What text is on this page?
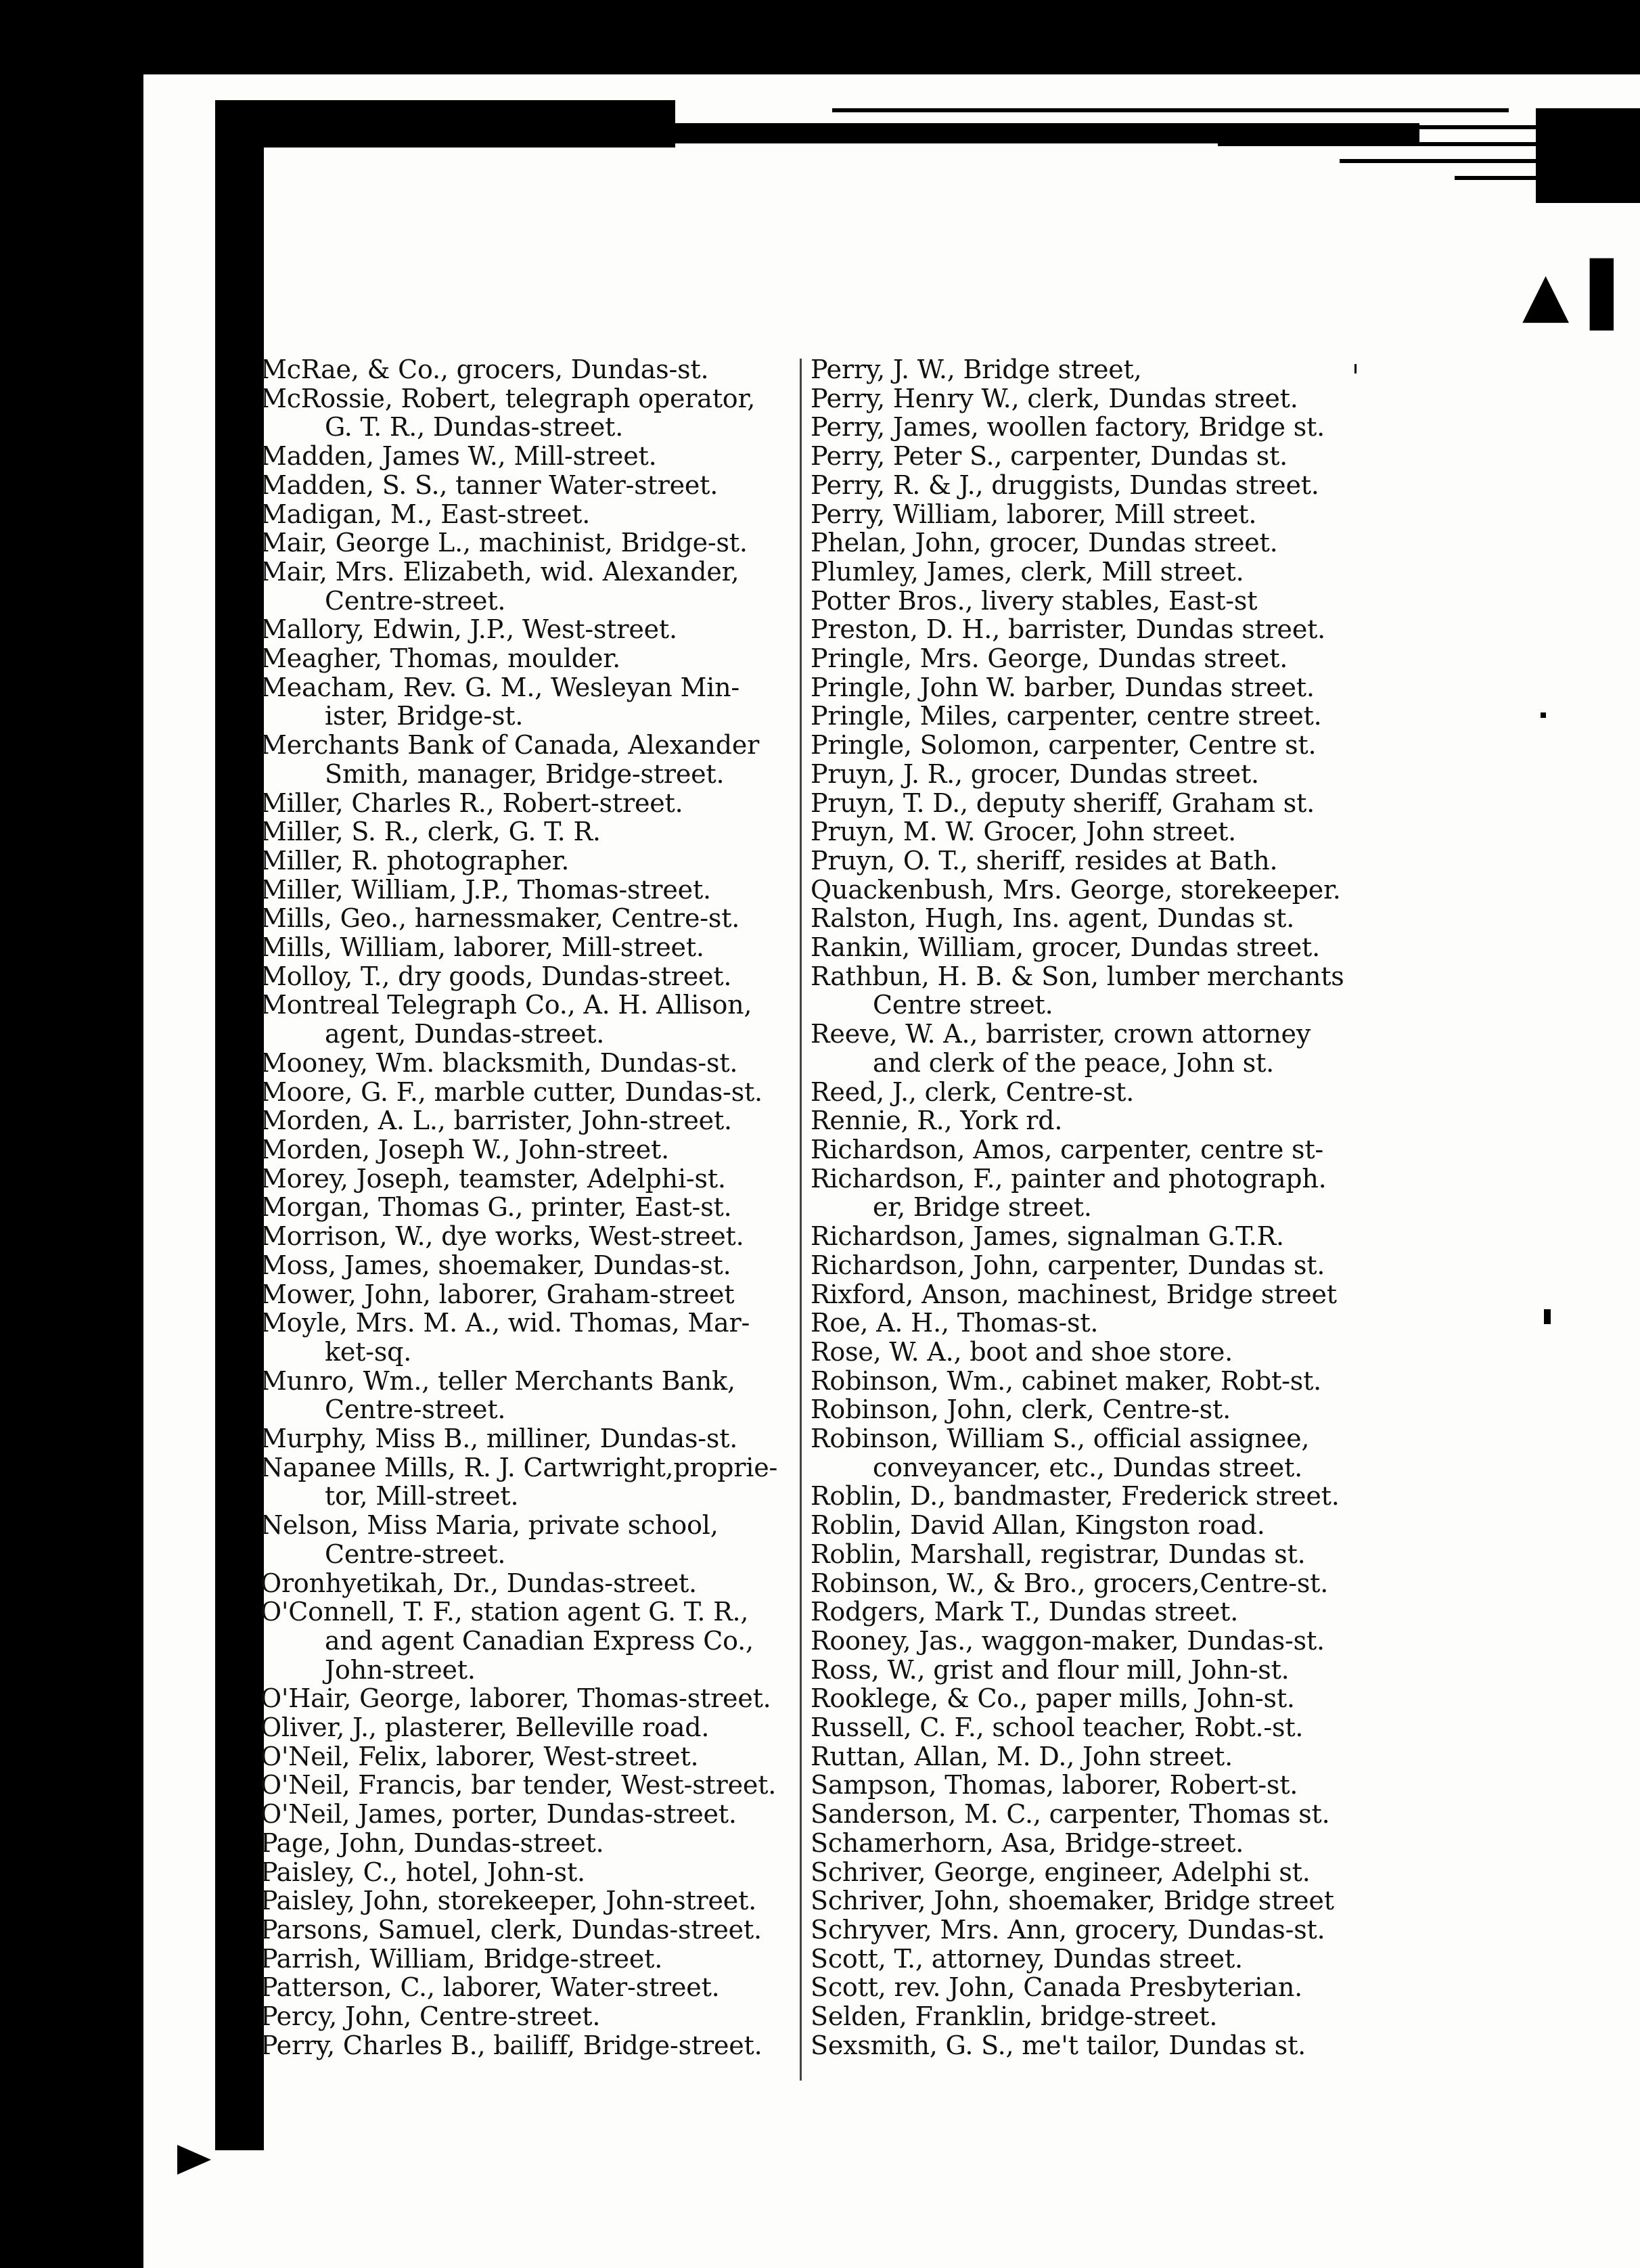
▲ ▌
McRae, & Co., grocers, Dundas-st.
McRossie, Robert, telegraph operator,
G. T. R., Dundas-street.
Madden, James W., Mill-street.
Madden, S. S., tanner Water-street.
Madigan, M., East-street.
Mair, George L., machinist, Bridge-st.
Mair, Mrs. Elizabeth, wid. Alexander,
Centre-street.
Mallory, Edwin, J.P., West-street.
Meagher, Thomas, moulder.
Meacham, Rev. G. M., Wesleyan Min-
ister, Bridge-st.
Merchants Bank of Canada, Alexander
Smith, manager, Bridge-street.
Miller, Charles R., Robert-street.
Miller, S. R., clerk, G. T. R.
Miller, R. photographer.
Miller, William, J.P., Thomas-street.
Mills, Geo., harnessmaker, Centre-st.
Mills, William, laborer, Mill-street.
Molloy, T., dry goods, Dundas-street.
Montreal Telegraph Co., A. H. Allison,
agent, Dundas-street.
Mooney, Wm. blacksmith, Dundas-st.
Moore, G. F., marble cutter, Dundas-st.
Morden, A. L., barrister, John-street.
Morden, Joseph W., John-street.
Morey, Joseph, teamster, Adelphi-st.
Morgan, Thomas G., printer, East-st.
Morrison, W., dye works, West-street.
Moss, James, shoemaker, Dundas-st.
Mower, John, laborer, Graham-street
Moyle, Mrs. M. A., wid. Thomas, Mar-
ket-sq.
Munro, Wm., teller Merchants Bank,
Centre-street.
Murphy, Miss B., milliner, Dundas-st.
Napanee Mills, R. J. Cartwright,proprie-
tor, Mill-street.
Nelson, Miss Maria, private school,
Centre-street.
Oronhyetikah, Dr., Dundas-street.
O'Connell, T. F., station agent G. T. R.,
and agent Canadian Express Co.,
John-street.
O'Hair, George, laborer, Thomas-street.
Oliver, J., plasterer, Belleville road.
O'Neil, Felix, laborer, West-street.
O'Neil, Francis, bar tender, West-street.
O'Neil, James, porter, Dundas-street.
Page, John, Dundas-street.
Paisley, C., hotel, John-st.
Paisley, John, storekeeper, John-street.
Parsons, Samuel, clerk, Dundas-street.
Parrish, William, Bridge-street.
Patterson, C., laborer, Water-street.
Percy, John, Centre-street.
Perry, Charles B., bailiff, Bridge-street.
Perry, J. W., Bridge street,
Perry, Henry W., clerk, Dundas street.
Perry, James, woollen factory, Bridge st.
Perry, Peter S., carpenter, Dundas st.
Perry, R. & J., druggists, Dundas street.
Perry, William, laborer, Mill street.
Phelan, John, grocer, Dundas street.
Plumley, James, clerk, Mill street.
Potter Bros., livery stables, East-st
Preston, D. H., barrister, Dundas street.
Pringle, Mrs. George, Dundas street.
Pringle, John W. barber, Dundas street.
Pringle, Miles, carpenter, centre street.
Pringle, Solomon, carpenter, Centre st.
Pruyn, J. R., grocer, Dundas street.
Pruyn, T. D., deputy sheriff, Graham st.
Pruyn, M. W. Grocer, John street.
Pruyn, O. T., sheriff, resides at Bath.
Quackenbush, Mrs. George, storekeeper.
Ralston, Hugh, Ins. agent, Dundas st.
Rankin, William, grocer, Dundas street.
Rathbun, H. B. & Son, lumber merchants
Centre street.
Reeve, W. A., barrister, crown attorney
and clerk of the peace, John st.
Reed, J., clerk, Centre-st.
Rennie, R., York rd.
Richardson, Amos, carpenter, centre st-
Richardson, F., painter and photograph.
er, Bridge street.
Richardson, James, signalman G.T.R.
Richardson, John, carpenter, Dundas st.
Rixford, Anson, machinest, Bridge street
Roe, A. H., Thomas-st.
Rose, W. A., boot and shoe store.
Robinson, Wm., cabinet maker, Robt-st.
Robinson, John, clerk, Centre-st.
Robinson, William S., official assignee,
conveyancer, etc., Dundas street.
Roblin, D., bandmaster, Frederick street.
Roblin, David Allan, Kingston road.
Roblin, Marshall, registrar, Dundas st.
Robinson, W., & Bro., grocers,Centre-st.
Rodgers, Mark T., Dundas street.
Rooney, Jas., waggon-maker, Dundas-st.
Ross, W., grist and flour mill, John-st.
Rooklege, & Co., paper mills, John-st.
Russell, C. F., school teacher, Robt.-st.
Ruttan, Allan, M. D., John street.
Sampson, Thomas, laborer, Robert-st.
Sanderson, M. C., carpenter, Thomas st.
Schamerhorn, Asa, Bridge-street.
Schriver, George, engineer, Adelphi st.
Schriver, John, shoemaker, Bridge street
Schryver, Mrs. Ann, grocery, Dundas-st.
Scott, T., attorney, Dundas street.
Scott, rev. John, Canada Presbyterian.
Selden, Franklin, bridge-street.
Sexsmith, G. S., me't tailor, Dundas st.
